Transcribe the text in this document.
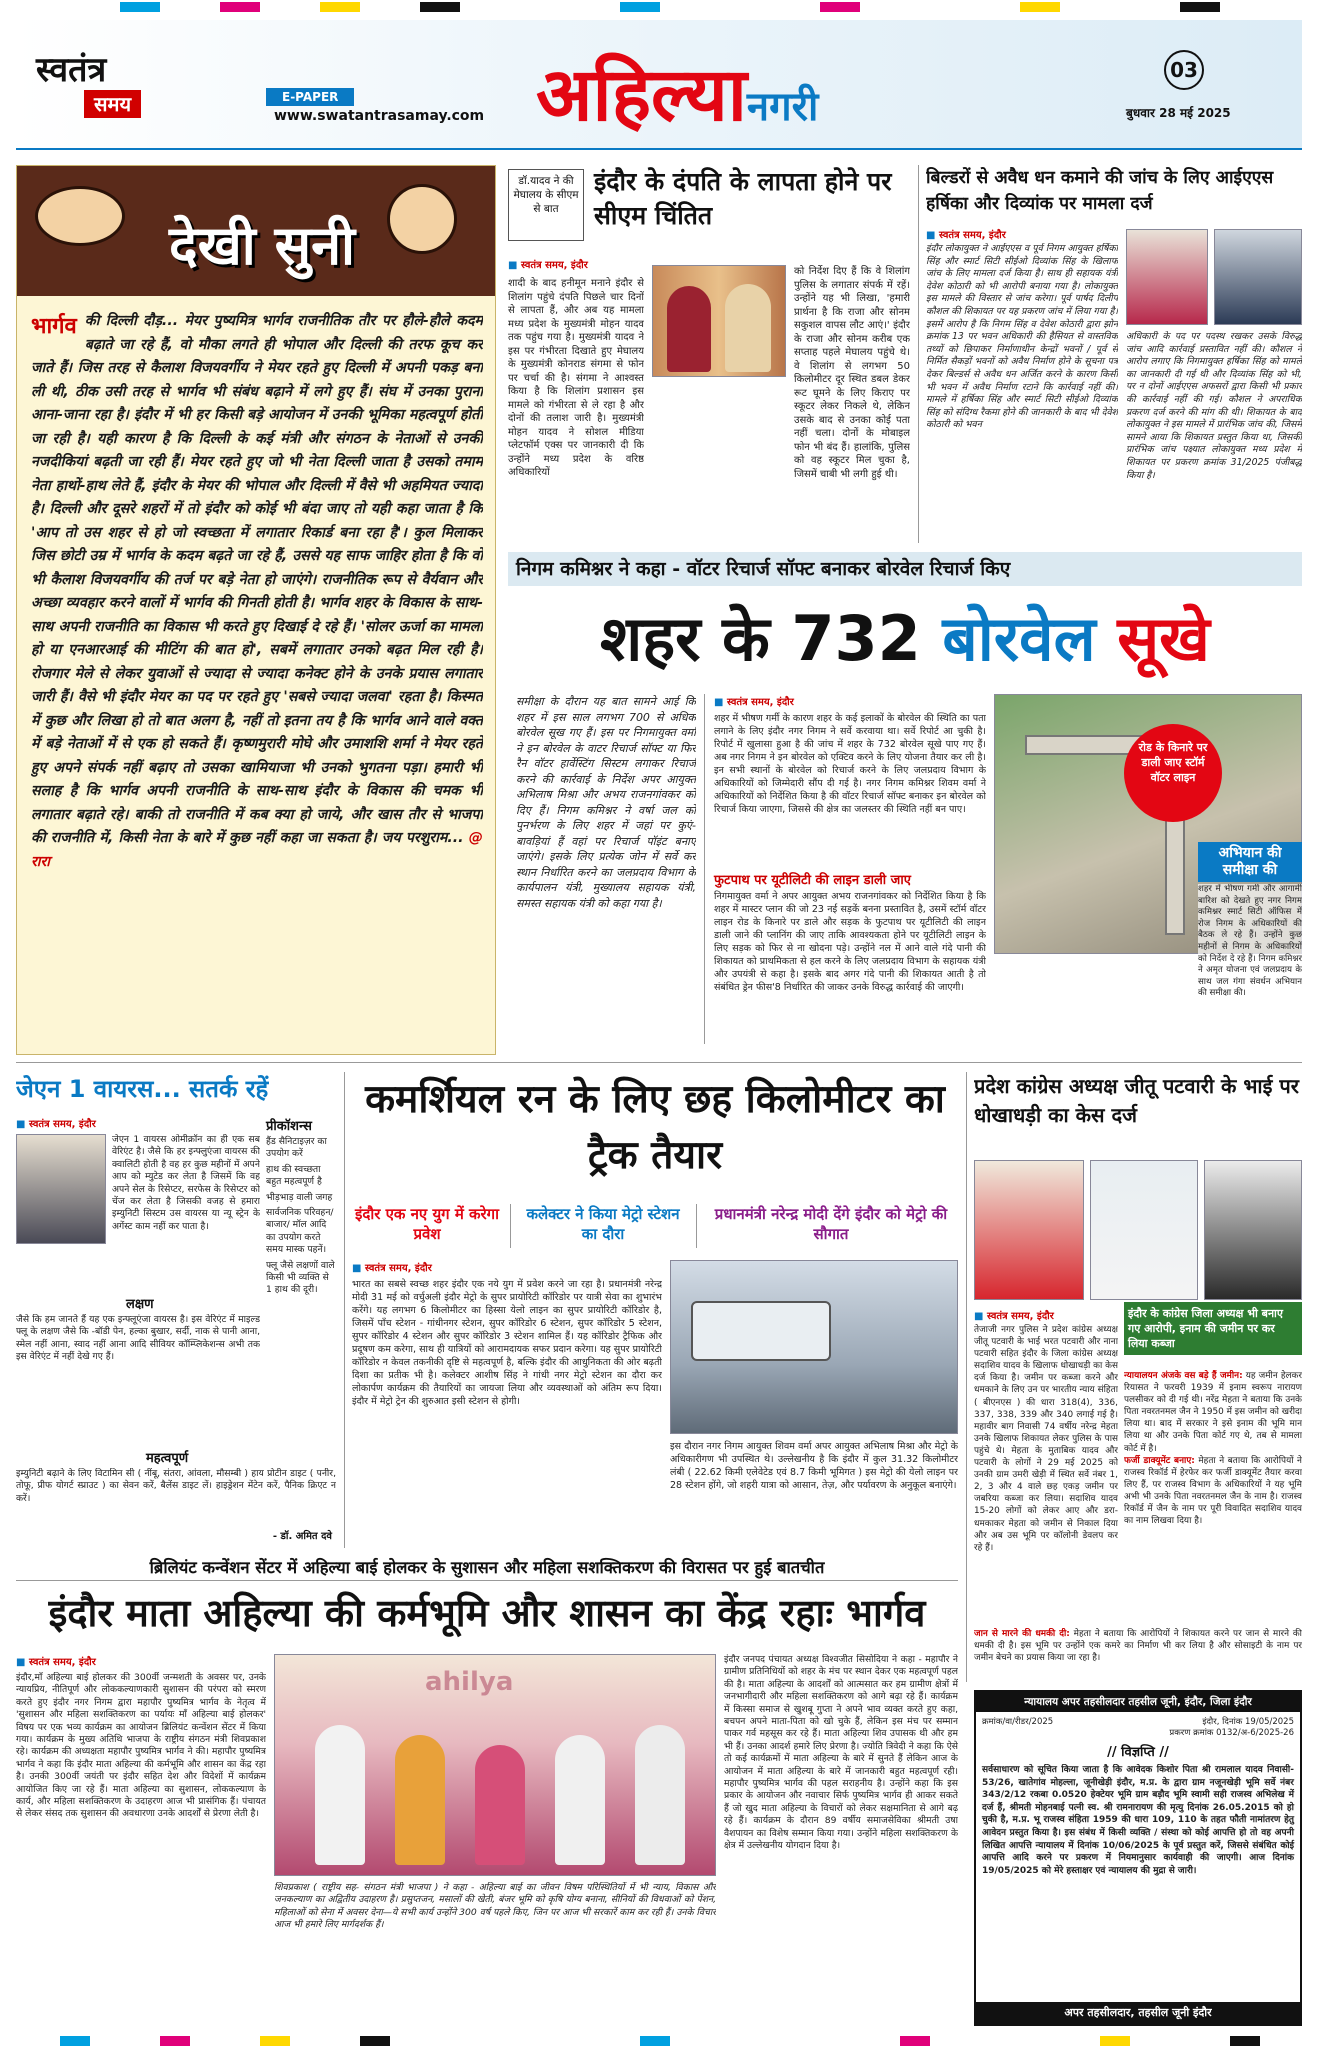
स्वतंत्र
समय	E-PAPER
www.swatantrasamay.com अहिल्यानगरी
03
बुधवार 28 मई 2025
देखी सुनी

भार्गव की दिल्ली दौड़... मेयर पुष्यमित्र भार्गव राजनीतिक तौर पर हौले-हौले कदम बढ़ाते जा रहे हैं, वो मौका लगते ही भोपाल और दिल्ली की तरफ कूच कर जाते हैं। जिस तरह से कैलाश विजयवर्गीय ने मेयर रहते हुए दिल्ली में अपनी पकड़ बना ली थी, ठीक उसी तरह से भार्गव भी संबंध बढ़ाने में लगे हुए हैं। संघ में उनका पुराना आना-जाना रहा है। इंदौर में भी हर किसी बड़े आयोजन में उनकी भूमिका महत्वपूर्ण होती जा रही है। यही कारण है कि दिल्ली के कई मंत्री और संगठन के नेताओं से उनकी नजदीकियां बढ़ती जा रही हैं। मेयर रहते हुए जो भी नेता दिल्ली जाता है उसको तमाम नेता हाथों-हाथ लेते हैं, इंदौर के मेयर की भोपाल और दिल्ली में वैसे भी अहमियत ज्यादा है। दिल्ली और दूसरे शहरों में तो इंदौर को कोई भी बंदा जाए तो यही कहा जाता है कि 'आप तो उस शहर से हो जो स्वच्छता में लगातार रिकार्ड बना रहा है'। कुल मिलाकर जिस छोटी उम्र में भार्गव के कदम बढ़ते जा रहे हैं, उससे यह साफ जाहिर होता है कि वो भी कैलाश विजयवर्गीय की तर्ज पर बड़े नेता हो जाएंगे। राजनीतिक रूप से वैर्यवान और अच्छा व्यवहार करने वालों में भार्गव की गिनती होती है। भार्गव शहर के विकास के साथ-साथ अपनी राजनीति का विकास भी करते हुए दिखाई दे रहे हैं। 'सोलर ऊर्जा का मामला हो या एनआरआई की मीटिंग की बात हो', सबमें लगातार उनको बढ़त मिल रही है। रोजगार मेले से लेकर युवाओं से ज्यादा से ज्यादा कनेक्ट होने के उनके प्रयास लगातार जारी हैं। वैसे भी इंदौर मेयर का पद पर रहते हुए 'सबसे ज्यादा जलवा' रहता है। किस्मत में कुछ और लिखा हो तो बात अलग है, नहीं तो इतना तय है कि भार्गव आने वाले वक्त में बड़े नेताओं में से एक हो सकते हैं। कृष्णमुरारी मोघे और उमाशशि शर्मा ने मेयर रहते हुए अपने संपर्क नहीं बढ़ाए तो उसका खामियाजा भी उनको भुगतना पड़ा। हमारी भी सलाह है कि भार्गव अपनी राजनीति के साथ-साथ इंदौर के विकास की चमक भी लगातार बढ़ाते रहे। बाकी तो राजनीति में कब क्या हो जाये, और खास तौर से भाजपा की राजनीति में, किसी नेता के बारे में कुछ नहीं कहा जा सकता है। जय परशुराम... @ रारा

डॉ.यादव ने की मेघालय के सीएम से बात
इंदौर के दंपति के लापता होने पर सीएम चिंतित
■ स्वतंत्र समय, इंदौर
शादी के बाद हनीमून मनाने इंदौर से शिलांग पहुंचे दंपति पिछले चार दिनों से लापता हैं, और अब यह मामला मध्य प्रदेश के मुख्यमंत्री मोहन यादव तक पहुंच गया है। मुख्यमंत्री यादव ने इस पर गंभीरता दिखाते हुए मेघालय के मुख्यमंत्री कोनराड संगमा से फोन पर चर्चा की है। संगमा ने आश्वस्त किया है कि शिलांग प्रशासन इस मामले को गंभीरता से ले रहा है और दोनों की तलाश जारी है। मुख्यमंत्री मोहन यादव ने सोशल मीडिया प्लेटफॉर्म एक्स पर जानकारी दी कि उन्होंने मध्य प्रदेश के वरिष्ठ अधिकारियों
को निर्देश दिए हैं कि वे शिलांग पुलिस के लगातार संपर्क में रहें। उन्होंने यह भी लिखा, 'हमारी प्रार्थना है कि राजा और सोनम सकुशल वापस लौट आएं।' इंदौर के राजा और सोनम करीब एक सप्ताह पहले मेघालय पहुंचे थे। वे शिलांग से लगभग 50 किलोमीटर दूर स्थित डबल डेकर रूट घूमने के लिए किराए पर स्कूटर लेकर निकले थे, लेकिन उसके बाद से उनका कोई पता नहीं चला। दोनों के मोबाइल फोन भी बंद हैं। हालांकि, पुलिस को वह स्कूटर मिल चुका है, जिसमें चाबी भी लगी हुई थी।
बिल्डरों से अवैध धन कमाने की जांच के लिए आईएएस हर्षिका और दिव्यांक पर मामला दर्ज
■ स्वतंत्र समय, इंदौर
इंदौर लोकायुक्त ने आईएएस व पूर्व निगम आयुक्त हर्षिका सिंह और स्मार्ट सिटी सीईओ दिव्यांक सिंह के खिलाफ जांच के लिए मामला दर्ज किया है। साथ ही सहायक यंत्री देवेश कोठारी को भी आरोपी बनाया गया है। लोकायुक्त इस मामले की विस्तार से जांच करेगा। पूर्व पार्षद दिलीप कौशल की शिकायत पर यह प्रकरण जांच में लिया गया है। इसमें आरोप है कि निगम सिंह व देवेश कोठारी द्वारा झोन क्रमांक 13 पर भवन अधिकारी की हैसियत से वास्तविक तथ्यों को छिपाकर निर्माणाधीन केन्द्रों भवनों / पूर्व से निर्मित सैकड़ों भवनों को अवैध निर्माण होने के सूचना पत्र देकर बिल्डर्स से अवैध धन अर्जित करने के कारण किसी भी भवन में अवैध निर्माण रटाने कि कार्रवाई नहीं की। मामले में हर्षिका सिंह और स्मार्ट सिटी सीईओ दिव्यांक सिंह को संदिग्ध रैकमा होने की जानकारी के बाद भी देवेश कोठारी को भवन
अधिकारी के पद पर पदस्थ रखकर उसके विरुद्ध जांच आदि कार्रवाई प्रस्तावित नहीं की। कौशल ने आरोप लगाए कि निगमायुक्त हर्षिका सिंह को मामले का जानकारी दी गई थी और दिव्यांक सिंह को भी, पर न दोनों आईएएस अफसरों द्वारा किसी भी प्रकार की कार्रवाई नहीं की गई। कौशल ने अपराधिक प्रकरण दर्ज करने की मांग की थी। शिकायत के बाद लोकायुक्त ने इस मामले में प्रारंभिक जांच की, जिसमें सामने आया कि शिकायत प्रस्तुत किया था, जिसकी प्रारंभिक जांच पक्ष्यात लोकायुक्त मध्य प्रदेश में शिकायत पर प्रकरण क्रमांक 31/2025 पंजीबद्ध किया है।
निगम कमिश्नर ने कहा - वॉटर रिचार्ज सॉफ्ट बनाकर बोरवेल रिचार्ज किए
शहर के 732 बोरवेल सूखे
समीक्षा के दौरान यह बात सामने आई कि शहर में इस साल लगभग 700 से अधिक बोरवेल सूख गए हैं। इस पर निगमायुक्त वर्मा ने इन बोरवेल के वाटर रिचार्ज सॉफ्ट या फिर रैन वॉटर हार्वेस्टिंग सिस्टम लगाकर रिचार्ज करने की कार्रवाई के निर्देश अपर आयुक्त अभिलाष मिश्रा और अभय राजनगांवकर को दिए हैं। निगम कमिश्नर ने वर्षा जल को पुनर्भरण के लिए शहर में जहां पर कुएं-बावड़ियां हैं वहां पर रिचार्ज पॉइंट बनाए जाएंगे। इसके लिए प्रत्येक जोन में सर्वे कर स्थान निर्धारित करने का जलप्रदाय विभाग के कार्यपालन यंत्री, मुख्यालय सहायक यंत्री, समस्त सहायक यंत्री को कहा गया है।
■ स्वतंत्र समय, इंदौर
शहर में भीषण गर्मी के कारण शहर के कई इलाकों के बोरवेल की स्थिति का पता लगाने के लिए इंदौर नगर निगम ने सर्वे करवाया था। सर्वे रिपोर्ट आ चुकी है। रिपोर्ट में खुलासा हुआ है की जांच में शहर के 732 बोरवेल सूखे पाए गए हैं। अब नगर निगम ने इन बोरवेल को एक्टिव करने के लिए योजना तैयार कर ली है। इन सभी स्थानों के बोरवेल को रिचार्ज करने के लिए जलप्रदाय विभाग के अधिकारियों को जिम्मेदारी सौंप दी गई है। नगर निगम कमिश्नर शिवम वर्मा ने अधिकारियों को निर्देशित किया है की वॉटर रिचार्ज सॉफ्ट बनाकर इन बोरवेल को रिचार्ज किया जाएगा, जिससे की क्षेत्र का जलस्तर की स्थिति नहीं बन पाए।
फुटपाथ पर यूटीलिटी की लाइन डाली जाए
निगमायुक्त वर्मा ने अपर आयुक्त अभय राजनगांवकर को निर्देशित किया है कि शहर में मास्टर प्लान की जो 23 नई सड़कें बनना प्रस्तावित है, उसमें स्टॉर्म वॉटर लाइन रोड के किनारे पर डाले और सड़क के फुटपाथ पर यूटीलिटी की लाइन डाली जाने की प्लानिंग की जाए ताकि आवश्यकता होने पर यूटीलिटी लाइन के लिए सड़क को फिर से ना खोदना पड़े। उन्होंने नल में आने वाले गंदे पानी की शिकायत को प्राथमिकता से हल करने के लिए जलप्रदाय विभाग के सहायक यंत्री और उपयंत्री से कहा है। इसके बाद अगर गंदे पानी की शिकायत आती है तो संबंधित ड्रेन फीस'8 निर्धारित की जाकर उनके विरुद्ध कार्रवाई की जाएगी।
रोड के किनारे पर डाली जाए स्टॉर्म वॉटर लाइन
अभियान की समीक्षा की
शहर में भीषण गर्मी और आगामी बारिश को देखते हुए नगर निगम कमिश्नर स्मार्ट सिटी ऑफिस में रोज निगम के अधिकारियों की बैठक ले रहे हैं। उन्होंने कुछ महीनों से निगम के अधिकारियों को निर्देश दे रहे हैं। निगम कमिश्नर ने अमृत योजना एवं जलप्रदाय के साथ जल गंगा संवर्धन अभियान की समीक्षा की।
जेएन 1 वायरस... सतर्क रहें
■ स्वतंत्र समय, इंदौर
जेएन 1 वायरस ओमीक्रॉन का ही एक सब वेरिएंट है। जैसे कि हर इन्फ्लुएंजा वायरस की क्वालिटी होती है वह हर कुछ महीनों में अपने आप को म्युटेड कर लेता है जिसमें कि वह अपने सेल के रिसेप्टर, सरफेस के रिसेप्टर को चेंज कर लेता है जिसकी वजह से हमारा इम्युनिटी सिस्टम उस वायरस या न्यू स्ट्रेन के अगेंस्ट काम नहीं कर पाता है।
प्रीकॉशन्स
हैंड सैनिटाइज़र का उपयोग करें
हाथ की स्वच्छता बहुत महत्वपूर्ण है
भीड़भाड़ वाली जगह
सार्वजनिक परिवहन/ बाजार/ मॉल आदि का उपयोग करते समय मास्क पहनें।
फ्लू जैसे लक्षणों वाले किसी भी व्यक्ति से 1 हाथ की दूरी।
लक्षण
जैसे कि हम जानते हैं यह एक इन्फ्लूएंजा वायरस है। इस वेरिएंट में माइल्ड फ्लू के लक्षण जैसे कि -बॉडी पेन, हल्का बुखार, सर्दी, नाक से पानी आना, स्मेल नहीं आना, स्वाद नहीं आना आदि सीवियर कॉम्प्लिकेशन्स अभी तक इस वेरिएंट में नहीं देखे गए हैं।
महत्वपूर्ण
इम्युनिटी बढ़ाने के लिए विटामिन सी ( नींबू, संतरा, आंवला, मौसम्बी ) हाय प्रोटीन डाइट ( पनीर, तोफू, प्रीफ योगर्ट स्प्राउट ) का सेवन करें, बैलेंस डाइट लें। हाइड्रेशन मेंटेन करें, पैनिक क्रिएट न करें।
- डॉ. अमित दवे
कमर्शियल रन के लिए छह किलोमीटर का ट्रैक तैयार
इंदौर एक नए युग में करेगा प्रवेश
कलेक्टर ने किया मेट्रो स्टेशन का दौरा
प्रधानमंत्री नरेन्द्र मोदी देंगे इंदौर को मेट्रो की सौगात
■ स्वतंत्र समय, इंदौर
भारत का सबसे स्वच्छ शहर इंदौर एक नये युग में प्रवेश करने जा रहा है। प्रधानमंत्री नरेन्द्र मोदी 31 मई को वर्चुअली इंदौर मेट्रो के सुपर प्रायोरिटी कॉरिडोर पर यात्री सेवा का शुभारंभ करेंगे। यह लगभग 6 किलोमीटर का हिस्सा येलो लाइन का सुपर प्रायोरिटी कॉरिडोर है, जिसमें पाँच स्टेशन - गांधीनगर स्टेशन, सुपर कॉरिडोर 6 स्टेशन, सुपर कॉरिडोर 5 स्टेशन, सुपर कॉरिडोर 4 स्टेशन और सुपर कॉरिडोर 3 स्टेशन शामिल हैं। यह कॉरिडोर ट्रैफिक और प्रदूषण कम करेगा, साथ ही यात्रियों को आरामदायक सफर प्रदान करेगा। यह सुपर प्रायोरिटी कॉरिडोर न केवल तकनीकी दृष्टि से महत्वपूर्ण है, बल्कि इंदौर की आधुनिकता की ओर बढ़ती दिशा का प्रतीक भी है। कलेक्टर आशीष सिंह ने गांधी नगर मेट्रो स्टेशन का दौरा कर लोकार्पण कार्यक्रम की तैयारियों का जायजा लिया और व्यवस्थाओं को अंतिम रूप दिया। इंदौर में मेट्रो ट्रेन की शुरुआत इसी स्टेशन से होगी।
इस दौरान नगर निगम आयुक्त शिवम वर्मा अपर आयुक्त अभिलाष मिश्रा और मेट्रो के अधिकारीगण भी उपस्थित थे। उल्लेखनीय है कि इंदौर में कुल 31.32 किलोमीटर लंबी ( 22.62 किमी एलेवेटेड एवं 8.7 किमी भूमिगत ) इस मेट्रो की येलो लाइन पर 28 स्टेशन होंगे, जो शहरी यात्रा को आसान, तेज़, और पर्यावरण के अनुकूल बनाएंगे।
प्रदेश कांग्रेस अध्यक्ष जीतू पटवारी के भाई पर धोखाधड़ी का केस दर्ज
इंदौर के कांग्रेस जिला अध्यक्ष भी बनाए गए आरोपी, इनाम की जमीन पर कर लिया कब्जा
■ स्वतंत्र समय, इंदौर
तेजाजी नगर पुलिस ने प्रदेश कांग्रेस अध्यक्ष जीतू पटवारी के भाई भरत पटवारी और नाना पटवारी सहित इंदौर के जिला कांग्रेस अध्यक्ष सदाशिव यादव के खिलाफ धोखाधड़ी का केस दर्ज किया है। जमीन पर कब्जा करने और धमकाने के लिए उन पर भारतीय न्याय संहिता ( बीएनएस ) की धारा 318(4), 336, 337, 338, 339 और 340 लगाई गई है। महावीर बाग निवासी 74 वर्षीय नरेन्द्र मेहता उनके खिलाफ शिकायत लेकर पुलिस के पास पहुंचे थे। मेहता के मुताबिक यादव और पटवारी के लोगों ने 29 मई 2025 को उनकी ग्राम उमरी खेड़ी में स्थित सर्वे नंबर 1, 2, 3 और 4 वाले छह एकड़ जमीन पर जबरिया कब्जा कर लिया। सदाशिव यादव 15-20 लोगों को लेकर आए और डरा-धमकाकर मेहता को जमीन से निकाल दिया और अब उस भूमि पर कॉलोनी डेवलप कर रहे हैं।
न्यायालयन अंजके वस बड़े हैं जमीन: यह जमीन हेलकर रियासत ने फरवरी 1939 में इनाम स्वरूप नारायण पलसीकर को दी गई थी। नरेंद्र मेहता ने बताया कि उनके पिता नवरतनमल जैन ने 1950 में इस जमीन को खरीदा लिया था। बाद में सरकार ने इसे इनाम की भूमि मान लिया था और उनके पिता कोर्ट गए थे, तब से मामला कोर्ट में है।
फर्जी डाक्यूमेंट बनाए: मेहता ने बताया कि आरोपियों ने राजस्व रिकॉर्ड में हेरफेर कर फर्जी डाक्यूमेंट तैयार करवा लिए हैं, पर राजस्व विभाग के अधिकारियों ने यह भूमि अभी भी उनके पिता नवरतनमल जैन के नाम है। राजस्व रिकॉर्ड में जैन के नाम पर पूरी विवादित सदाशिव यादव का नाम लिखवा दिया है।
जान से मारने की धमकी दी: मेहता ने बताया कि आरोपियों ने शिकायत करने पर जान से मारने की धमकी दी है। इस भूमि पर उन्होंने एक कमरे का निर्माण भी कर लिया है और सोसाइटी के नाम पर जमीन बेचने का प्रयास किया जा रहा है।
ब्रिलियंट कन्वेंशन सेंटर में अहिल्या बाई होलकर के सुशासन और महिला सशक्तिकरण की विरासत पर हुई बातचीत
इंदौर माता अहिल्या की कर्मभूमि और शासन का केंद्र रहाः भार्गव
■ स्वतंत्र समय, इंदौर
इंदौर,माँ अहिल्या बाई होलकर की 300वीं जन्मशती के अवसर पर, उनके न्यायप्रिय, नीतिपूर्ण और लोककल्याणकारी सुशासन की परंपरा को स्मरण करते हुए इंदौर नगर निगम द्वारा महापौर पुष्यमित्र भार्गव के नेतृत्व में 'सुशासन और महिला सशक्तिकरण का पर्यायः माँ अहिल्या बाई होलकर' विषय पर एक भव्य कार्यक्रम का आयोजन ब्रिलियंट कन्वेंशन सेंटर में किया गया। कार्यक्रम के मुख्य अतिथि भाजपा के राष्ट्रीय संगठन मंत्री शिवप्रकाश रहे। कार्यक्रम की अध्यक्षता महापौर पुष्यमित्र भार्गव ने की। महापौर पुष्यमित्र भार्गव ने कहा कि इंदौर माता अहिल्या की कर्मभूमि और शासन का केंद्र रहा है। उनकी 300वीं जयंती पर इंदौर सहित देश और विदेशों में कार्यक्रम आयोजित किए जा रहे हैं। माता अहिल्या का सुशासन, लोककल्याण के कार्य, और महिला सशक्तिकरण के उदाहरण आज भी प्रासंगिक हैं। पंचायत से लेकर संसद तक सुशासन की अवधारणा उनके आदर्शों से प्रेरणा लेती है।
ahilya
शिवप्रकाश ( राष्ट्रीय सह- संगठन मंत्री भाजपा ) ने कहा - अहिल्या बाई का जीवन विषम परिस्थितियों में भी न्याय, विकास और जनकल्याण का अद्वितीय उदाहरण है। प्रसुप्तजन, मसालों की खेती, बंजर भूमि को कृषि योग्य बनाना, सीनियों की विधवाओं को पेंशन, महिलाओं को सेना में अवसर देना—ये सभी कार्य उन्होंने 300 वर्ष पहले किए, जिन पर आज भी सरकारें काम कर रही हैं। उनके विचार आज भी हमारे लिए मार्गदर्शक हैं।
इंदौर जनपद पंचायत अध्यक्ष विश्वजीत सिसोदिया ने कहा - महापौर ने ग्रामीण प्रतिनिधियों को शहर के मंच पर स्थान देकर एक महत्वपूर्ण पहल की है। माता अहिल्या के आदर्शों को आत्मसात कर हम ग्रामीण क्षेत्रों में जनभागीदारी और महिला सशक्तिकरण को आगे बढ़ा रहे हैं। कार्यक्रम में किस्सा समाज से खुशबू गुप्ता ने अपने भाव व्यक्त करते हुए कहा, बचपन अपने माता-पिता को खो चुके हैं, लेकिन इस मंच पर सम्मान पाकर गर्व महसूस कर रहे हैं। माता अहिल्या शिव उपासक थी और हम भी हैं। उनका आदर्श हमारे लिए प्रेरणा है। ज्योति त्रिवेदी ने कहा कि ऐसे तो कई कार्यक्रमों में माता अहिल्या के बारे में सुनते हैं लेकिन आज के आयोजन में माता अहिल्या के बारे में जानकारी बहुत महत्वपूर्ण रही। महापौर पुष्यमित्र भार्गव की पहल सराहनीय है। उन्होंने कहा कि इस प्रकार के आयोजन और नवाचार सिर्फ पुष्यमित्र भार्गव ही आकर सकते हैं जो खुद माता अहिल्या के विचारों को लेकर सक्षमानिता से आगे बढ़ रहे हैं। कार्यक्रम के दौरान 89 वर्षीय समाजसेविका श्रीमती उषा वैशपायन का विशेष सम्मान किया गया। उन्होंने महिला सशक्तिकरण के क्षेत्र में उल्लेखनीय योगदान दिया है।
न्यायालय अपर तहसीलदार तहसील जूनी, इंदौर, जिला इंदौर
क्रमांक/वा/रीडर/2025	इंदौर, दिनांक 19/05/2025
प्रकरण क्रमांक 0132/अ-6/2025-26
// विज्ञप्ति //
सर्वसाधारण को सूचित किया जाता है कि आवेदक किशोर पिता श्री रामलाल यादव निवासी- 53/26, खातेगांव मोहल्ला, जूनीखेड़ी इंदौर, म.प्र. के द्वारा ग्राम नजूनखेड़ी भूमि सर्वे नंबर 343/2/12 रकबा 0.0520 हेक्टेयर भूमि ग्राम बड़ौद भूमि स्वामी सही राजस्व अभिलेख में दर्ज हैं, श्रीमती मोहनबाई पत्नी स्व. श्री रामनारायण की मृत्यु दिनांक 26.05.2015 को हो चुकी है, म.प्र. भू राजस्व संहिता 1959 की धारा 109, 110 के तहत फौती नामांतरण हेतु आवेदन प्रस्तुत किया है। इस संबंध में किसी व्यक्ति / संस्था को कोई आपत्ति हो तो वह अपनी लिखित आपत्ति न्यायालय में दिनांक 10/06/2025 के पूर्व प्रस्तुत करें, जिससे संबंधित कोई आपत्ति आदि करने पर प्रकरण में नियमानुसार कार्यवाही की जाएगी। आज दिनांक 19/05/2025 को मेरे हस्ताक्षर एवं न्यायालय की मुद्रा से जारी।
अपर तहसीलदार, तहसील जूनी इंदौर
